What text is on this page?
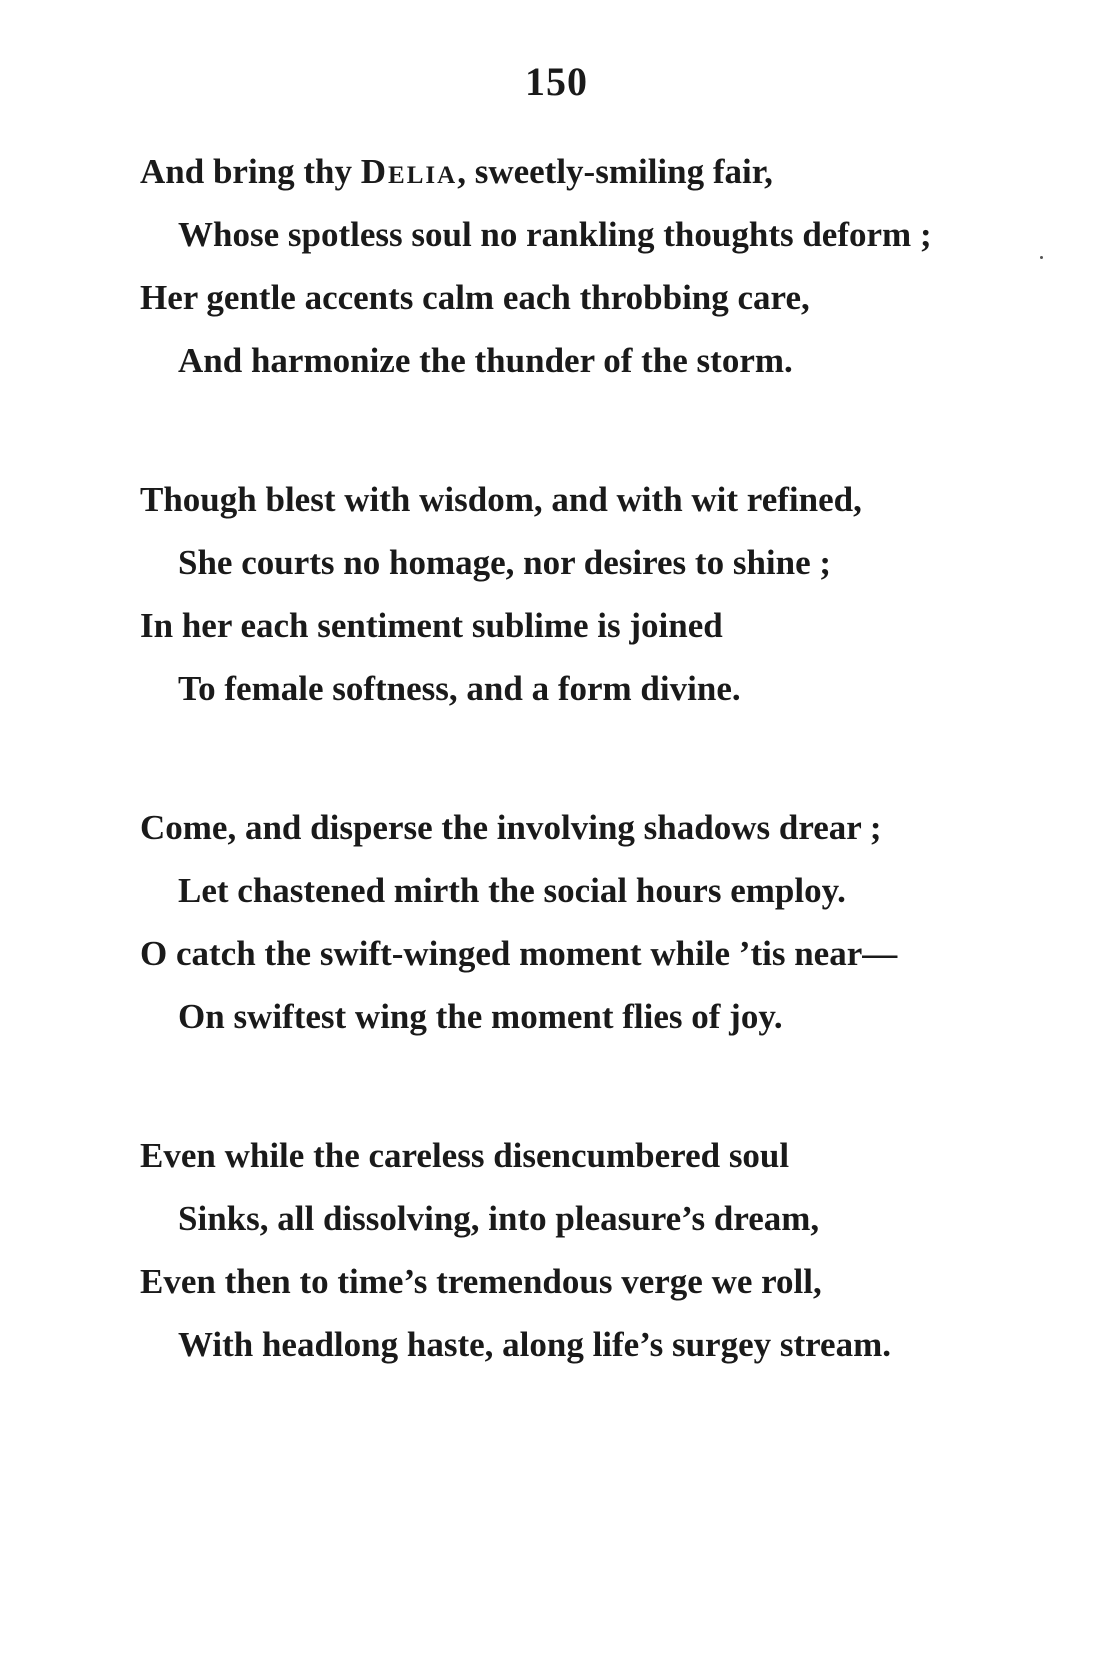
150
And bring thy Delia, sweetly-smiling fair,
Whose spotless soul no rankling thoughts deform ;
Her gentle accents calm each throbbing care,
And harmonize the thunder of the storm.
Though blest with wisdom, and with wit refined,
She courts no homage, nor desires to shine ;
In her each sentiment sublime is joined
To female softness, and a form divine.
Come, and disperse the involving shadows drear ;
Let chastened mirth the social hours employ.
O catch the swift-winged moment while ’tis near—
On swiftest wing the moment flies of joy.
Even while the careless disencumbered soul
Sinks, all dissolving, into pleasure’s dream,
Even then to time’s tremendous verge we roll,
With headlong haste, along life’s surgey stream.
